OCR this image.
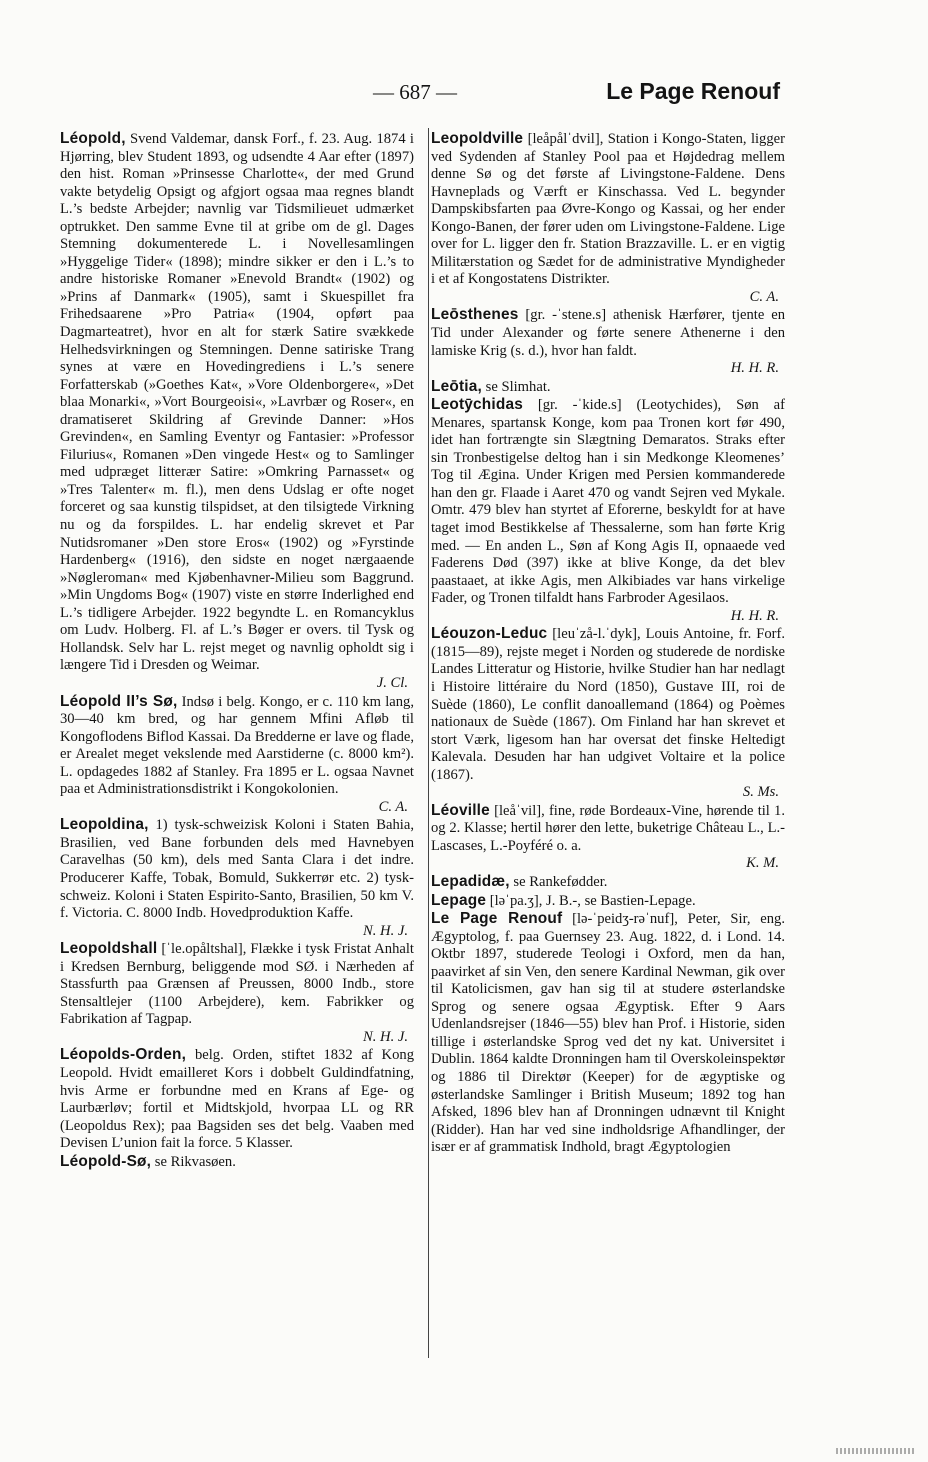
— 687 —	Le Page Renouf

Léopold, Svend Valdemar, dansk Forf., f. 23. Aug. 1874 i Hjørring, blev Student 1893, og udsendte 4 Aar efter (1897) den hist. Roman »Prinsesse Charlotte«, der med Grund vakte betydelig Opsigt og afgjort ogsaa maa regnes blandt L.’s bedste Arbejder; navnlig var Tidsmilieuet udmærket optrukket. Den samme Evne til at gribe om de gl. Dages Stemning dokumenterede L. i Novellesamlingen »Hyggelige Tider« (1898); mindre sikker er den i L.’s to andre historiske Romaner »Enevold Brandt« (1902) og »Prins af Danmark« (1905), samt i Skuespillet fra Frihedsaarene »Pro Patria« (1904, opført paa Dagmarteatret), hvor en alt for stærk Satire svækkede Helhedsvirkningen og Stemningen. Denne satiriske Trang synes at være en Hovedingrediens i L.’s senere Forfatterskab (»Goethes Kat«, »Vore Oldenborgere«, »Det blaa Monarki«, »Vort Bourgeoisi«, »Lavrbær og Roser«, en dramatiseret Skildring af Grevinde Danner: »Hos Grevinden«, en Samling Eventyr og Fantasier: »Professor Filurius«, Romanen »Den vingede Hest« og to Samlinger med udpræget litterær Satire: »Omkring Parnasset« og »Tres Talenter« m. fl.), men dens Udslag er ofte noget forceret og saa kunstig tilspidset, at den tilsigtede Virkning nu og da forspildes. L. har endelig skrevet et Par Nutidsromaner »Den store Eros« (1902) og »Fyrstinde Hardenberg« (1916), den sidste en noget nærgaaende »Nøgleroman« med Kjøbenhavner-Milieu som Baggrund. »Min Ungdoms Bog« (1907) viste en større Inderlighed end L.’s tidligere Arbejder. 1922 begyndte L. en Romancyklus om Ludv. Holberg. Fl. af L.’s Bøger er overs. til Tysk og Hollandsk. Selv har L. rejst meget og navnlig opholdt sig i længere Tid i Dresden og Weimar.
J. Cl.

Léopold II’s Sø, Indsø i belg. Kongo, er c. 110 km lang, 30—40 km bred, og har gennem Mfini Afløb til Kongoflodens Biflod Kassai. Da Bredderne er lave og flade, er Arealet meget vekslende med Aarstiderne (c. 8000 km²). L. opdagedes 1882 af Stanley. Fra 1895 er L. ogsaa Navnet paa et Administrationsdistrikt i Kongokolonien.
C. A.

Leopoldina, 1) tysk-schweizisk Koloni i Staten Bahia, Brasilien, ved Bane forbunden dels med Havnebyen Caravelhas (50 km), dels med Santa Clara i det indre. Producerer Kaffe, Tobak, Bomuld, Sukkerrør etc. 2) tysk-schweiz. Koloni i Staten Espirito-Santo, Brasilien, 50 km V. f. Victoria. C. 8000 Indb. Hovedproduktion Kaffe.
N. H. J.

Leopoldshall [ˈle.opåltshal], Flække i tysk Fristat Anhalt i Kredsen Bernburg, beliggende mod SØ. i Nærheden af Stassfurth paa Grænsen af Preussen, 8000 Indb., store Stensaltlejer (1100 Arbejdere), kem. Fabrikker og Fabrikation af Tagpap.
N. H. J.

Léopolds-Orden, belg. Orden, stiftet 1832 af Kong Leopold. Hvidt emailleret Kors i dobbelt Guldindfatning, hvis Arme er forbundne med en Krans af Ege- og Laurbærløv; fortil et Midtskjold, hvorpaa LL og RR (Leopoldus Rex); paa Bagsiden ses det belg. Vaaben med Devisen L’union fait la force. 5 Klasser.

Léopold-Sø, se Rikvasøen.

Leopoldville [leåpålˈdvil], Station i Kongo-Staten, ligger ved Sydenden af Stanley Pool paa et Højdedrag mellem denne Sø og det første af Livingstone-Faldene. Dens Havneplads og Værft er Kinschassa. Ved L. begynder Dampskibsfarten paa Øvre-Kongo og Kassai, og her ender Kongo-Banen, der fører uden om Livingstone-Faldene. Lige over for L. ligger den fr. Station Brazzaville. L. er en vigtig Militærstation og Sædet for de administrative Myndigheder i et af Kongostatens Distrikter.
C. A.

Leōsthenes [gr. -ˈstene.s] athenisk Hærfører, tjente en Tid under Alexander og førte senere Athenerne i den lamiske Krig (s. d.), hvor han faldt.
H. H. R.

Leōtia, se Slimhat.

Leotȳchidas [gr. -ˈkide.s] (Leotychides), Søn af Menares, spartansk Konge, kom paa Tronen kort før 490, idet han fortrængte sin Slægtning Demaratos. Straks efter sin Tronbestigelse deltog han i sin Medkonge Kleomenes’ Tog til Ægina. Under Krigen med Persien kommanderede han den gr. Flaade i Aaret 470 og vandt Sejren ved Mykale. Omtr. 479 blev han styrtet af Eforerne, beskyldt for at have taget imod Bestikkelse af Thessalerne, som han førte Krig med. — En anden L., Søn af Kong Agis II, opnaaede ved Faderens Død (397) ikke at blive Konge, da det blev paastaaet, at ikke Agis, men Alkibiades var hans virkelige Fader, og Tronen tilfaldt hans Farbroder Agesilaos.
H. H. R.

Léouzon-Leduc [leuˈzå-l.ˈdyk], Louis Antoine, fr. Forf. (1815—89), rejste meget i Norden og studerede de nordiske Landes Litteratur og Historie, hvilke Studier han har nedlagt i Histoire littéraire du Nord (1850), Gustave III, roi de Suède (1860), Le conflit danoallemand (1864) og Poèmes nationaux de Suède (1867). Om Finland har han skrevet et stort Værk, ligesom han har oversat det finske Heltedigt Kalevala. Desuden har han udgivet Voltaire et la police (1867).
S. Ms.

Léoville [leåˈvil], fine, røde Bordeaux-Vine, hørende til 1. og 2. Klasse; hertil hører den lette, buketrige Château L., L.-Lascases, L.-Poyféré o. a.
K. M.

Lepadidæ, se Rankefødder.

Lepage [ləˈpa.ʒ], J. B.-, se Bastien-Lepage.

Le Page Renouf [lə-ˈpeidʒ-rəˈnuf], Peter, Sir, eng. Ægyptolog, f. paa Guernsey 23. Aug. 1822, d. i Lond. 14. Oktbr 1897, studerede Teologi i Oxford, men da han, paavirket af sin Ven, den senere Kardinal Newman, gik over til Katolicismen, gav han sig til at studere østerlandske Sprog og senere ogsaa Ægyptisk. Efter 9 Aars Udenlandsrejser (1846—55) blev han Prof. i Historie, siden tillige i østerlandske Sprog ved det ny kat. Universitet i Dublin. 1864 kaldte Dronningen ham til Overskoleinspektør og 1886 til Direktør (Keeper) for de ægyptiske og østerlandske Samlinger i British Museum; 1892 tog han Afsked, 1896 blev han af Dronningen udnævnt til Knight (Ridder). Han har ved sine indholdsrige Afhandlinger, der især er af grammatisk Indhold, bragt Ægyptologien
